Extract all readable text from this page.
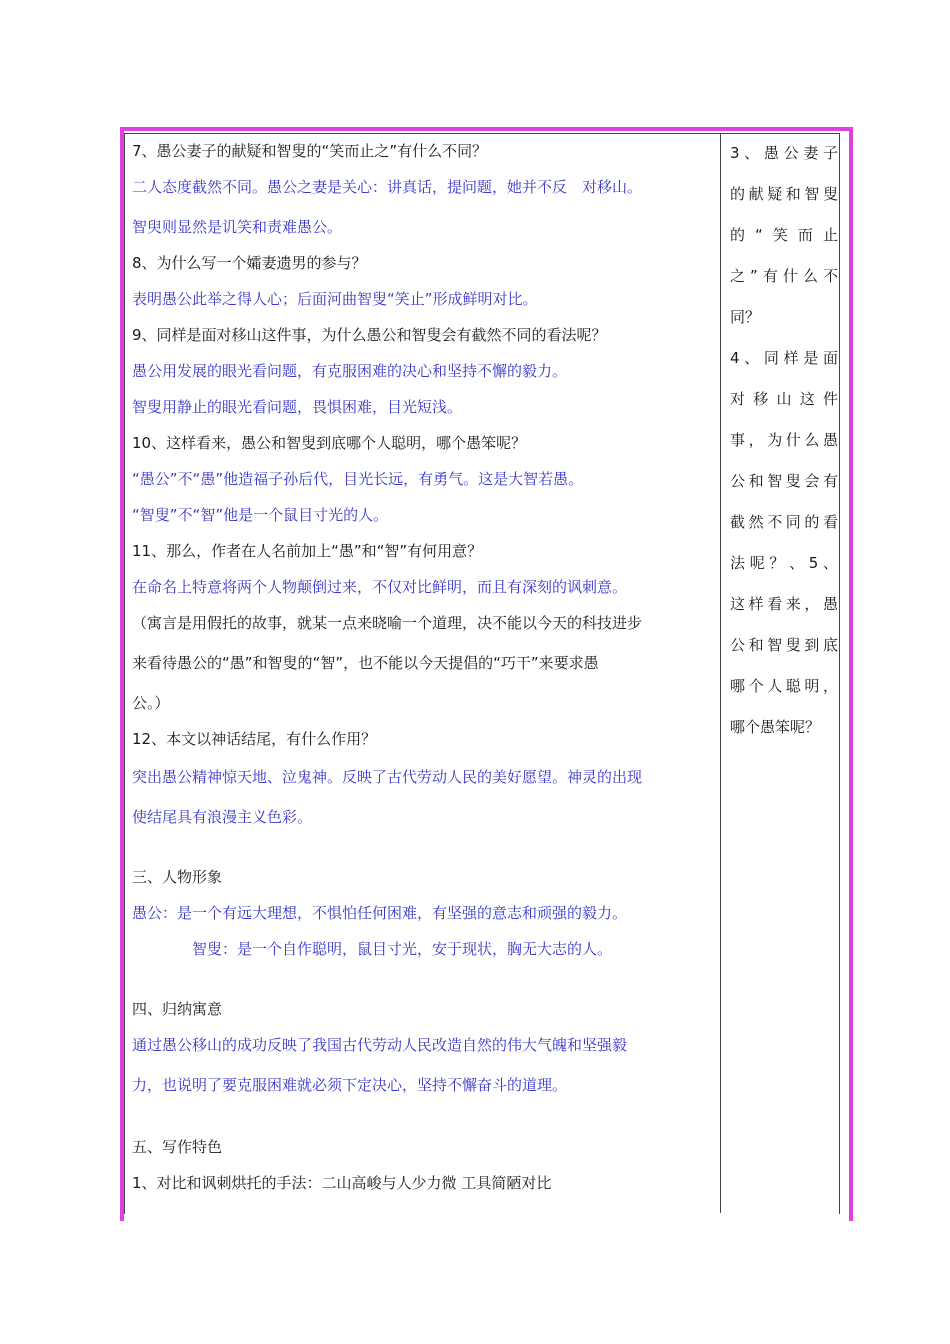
7、愚公妻子的献疑和智叟的“笑而止之”有什么不同？

二人态度截然不同。愚公之妻是关心：讲真话，提问题，她并不反　对移山。

智臾则显然是讥笑和责难愚公。

8、为什么写一个孀妻遗男的参与？

表明愚公此举之得人心；后面河曲智叟“笑止”形成鲜明对比。

9、同样是面对移山这件事，为什么愚公和智叟会有截然不同的看法呢？

愚公用发展的眼光看问题，有克服困难的决心和坚持不懈的毅力。

智叟用静止的眼光看问题，畏惧困难，目光短浅。

10、这样看来，愚公和智叟到底哪个人聪明，哪个愚笨呢？

“愚公”不“愚”他造福子孙后代，目光长远，有勇气。这是大智若愚。

“智叟”不“智”他是一个鼠目寸光的人。

11、那么，作者在人名前加上“愚”和“智”有何用意？

在命名上特意将两个人物颠倒过来，不仅对比鲜明，而且有深刻的讽刺意。

（寓言是用假托的故事，就某一点来晓喻一个道理，决不能以今天的科技进步

来看待愚公的“愚”和智叟的“智”，也不能以今天提倡的“巧干”来要求愚

公。）

12、本文以神话结尾，有什么作用？

突出愚公精神惊天地、泣鬼神。反映了古代劳动人民的美好愿望。神灵的出现

使结尾具有浪漫主义色彩。

三、人物形象

愚公：是一个有远大理想，不惧怕任何困难，有坚强的意志和顽强的毅力。

　　　　智叟：是一个自作聪明，鼠目寸光，安于现状，胸无大志的人。

四、归纳寓意

通过愚公移山的成功反映了我国古代劳动人民改造自然的伟大气魄和坚强毅

力，也说明了要克服困难就必须下定决心，坚持不懈奋斗的道理。

五、写作特色

1、对比和讽刺烘托的手法：二山高峻与人少力微 工具简陋对比

3、愚公妻子

的献疑和智叟

的“笑而止

之”有什么不

同？

4、同样是面

对移山这件

事，为什么愚

公和智叟会有

截然不同的看

法呢？、5、

这样看来，愚

公和智叟到底

哪个人聪明，

哪个愚笨呢？
